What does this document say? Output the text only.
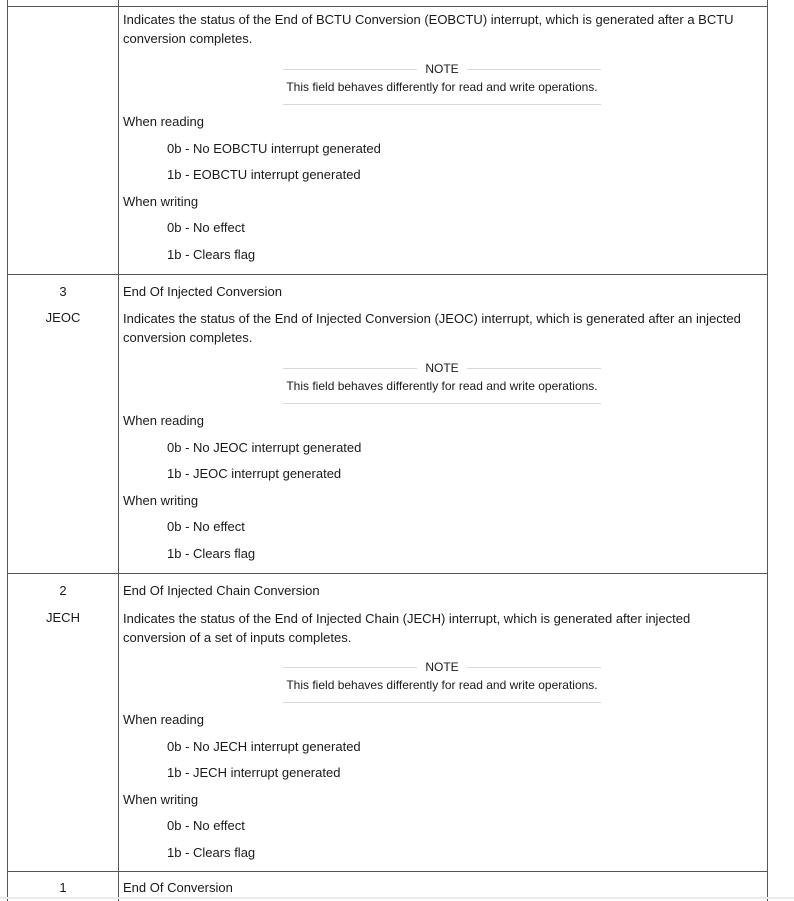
Indicates the status of the End of BCTU Conversion (EOBCTU) interrupt, which is generated after a BCTU conversion completes.
NOTE
This field behaves differently for read and write operations.
When reading
0b - No EOBCTU interrupt generated
1b - EOBCTU interrupt generated
When writing
0b - No effect
1b - Clears flag
3
JEOC
End Of Injected Conversion
Indicates the status of the End of Injected Conversion (JEOC) interrupt, which is generated after an injected conversion completes.
NOTE
This field behaves differently for read and write operations.
When reading
0b - No JEOC interrupt generated
1b - JEOC interrupt generated
When writing
0b - No effect
1b - Clears flag
2
JECH
End Of Injected Chain Conversion
Indicates the status of the End of Injected Chain (JECH) interrupt, which is generated after injected conversion of a set of inputs completes.
NOTE
This field behaves differently for read and write operations.
When reading
0b - No JECH interrupt generated
1b - JECH interrupt generated
When writing
0b - No effect
1b - Clears flag
1	End Of Conversion
